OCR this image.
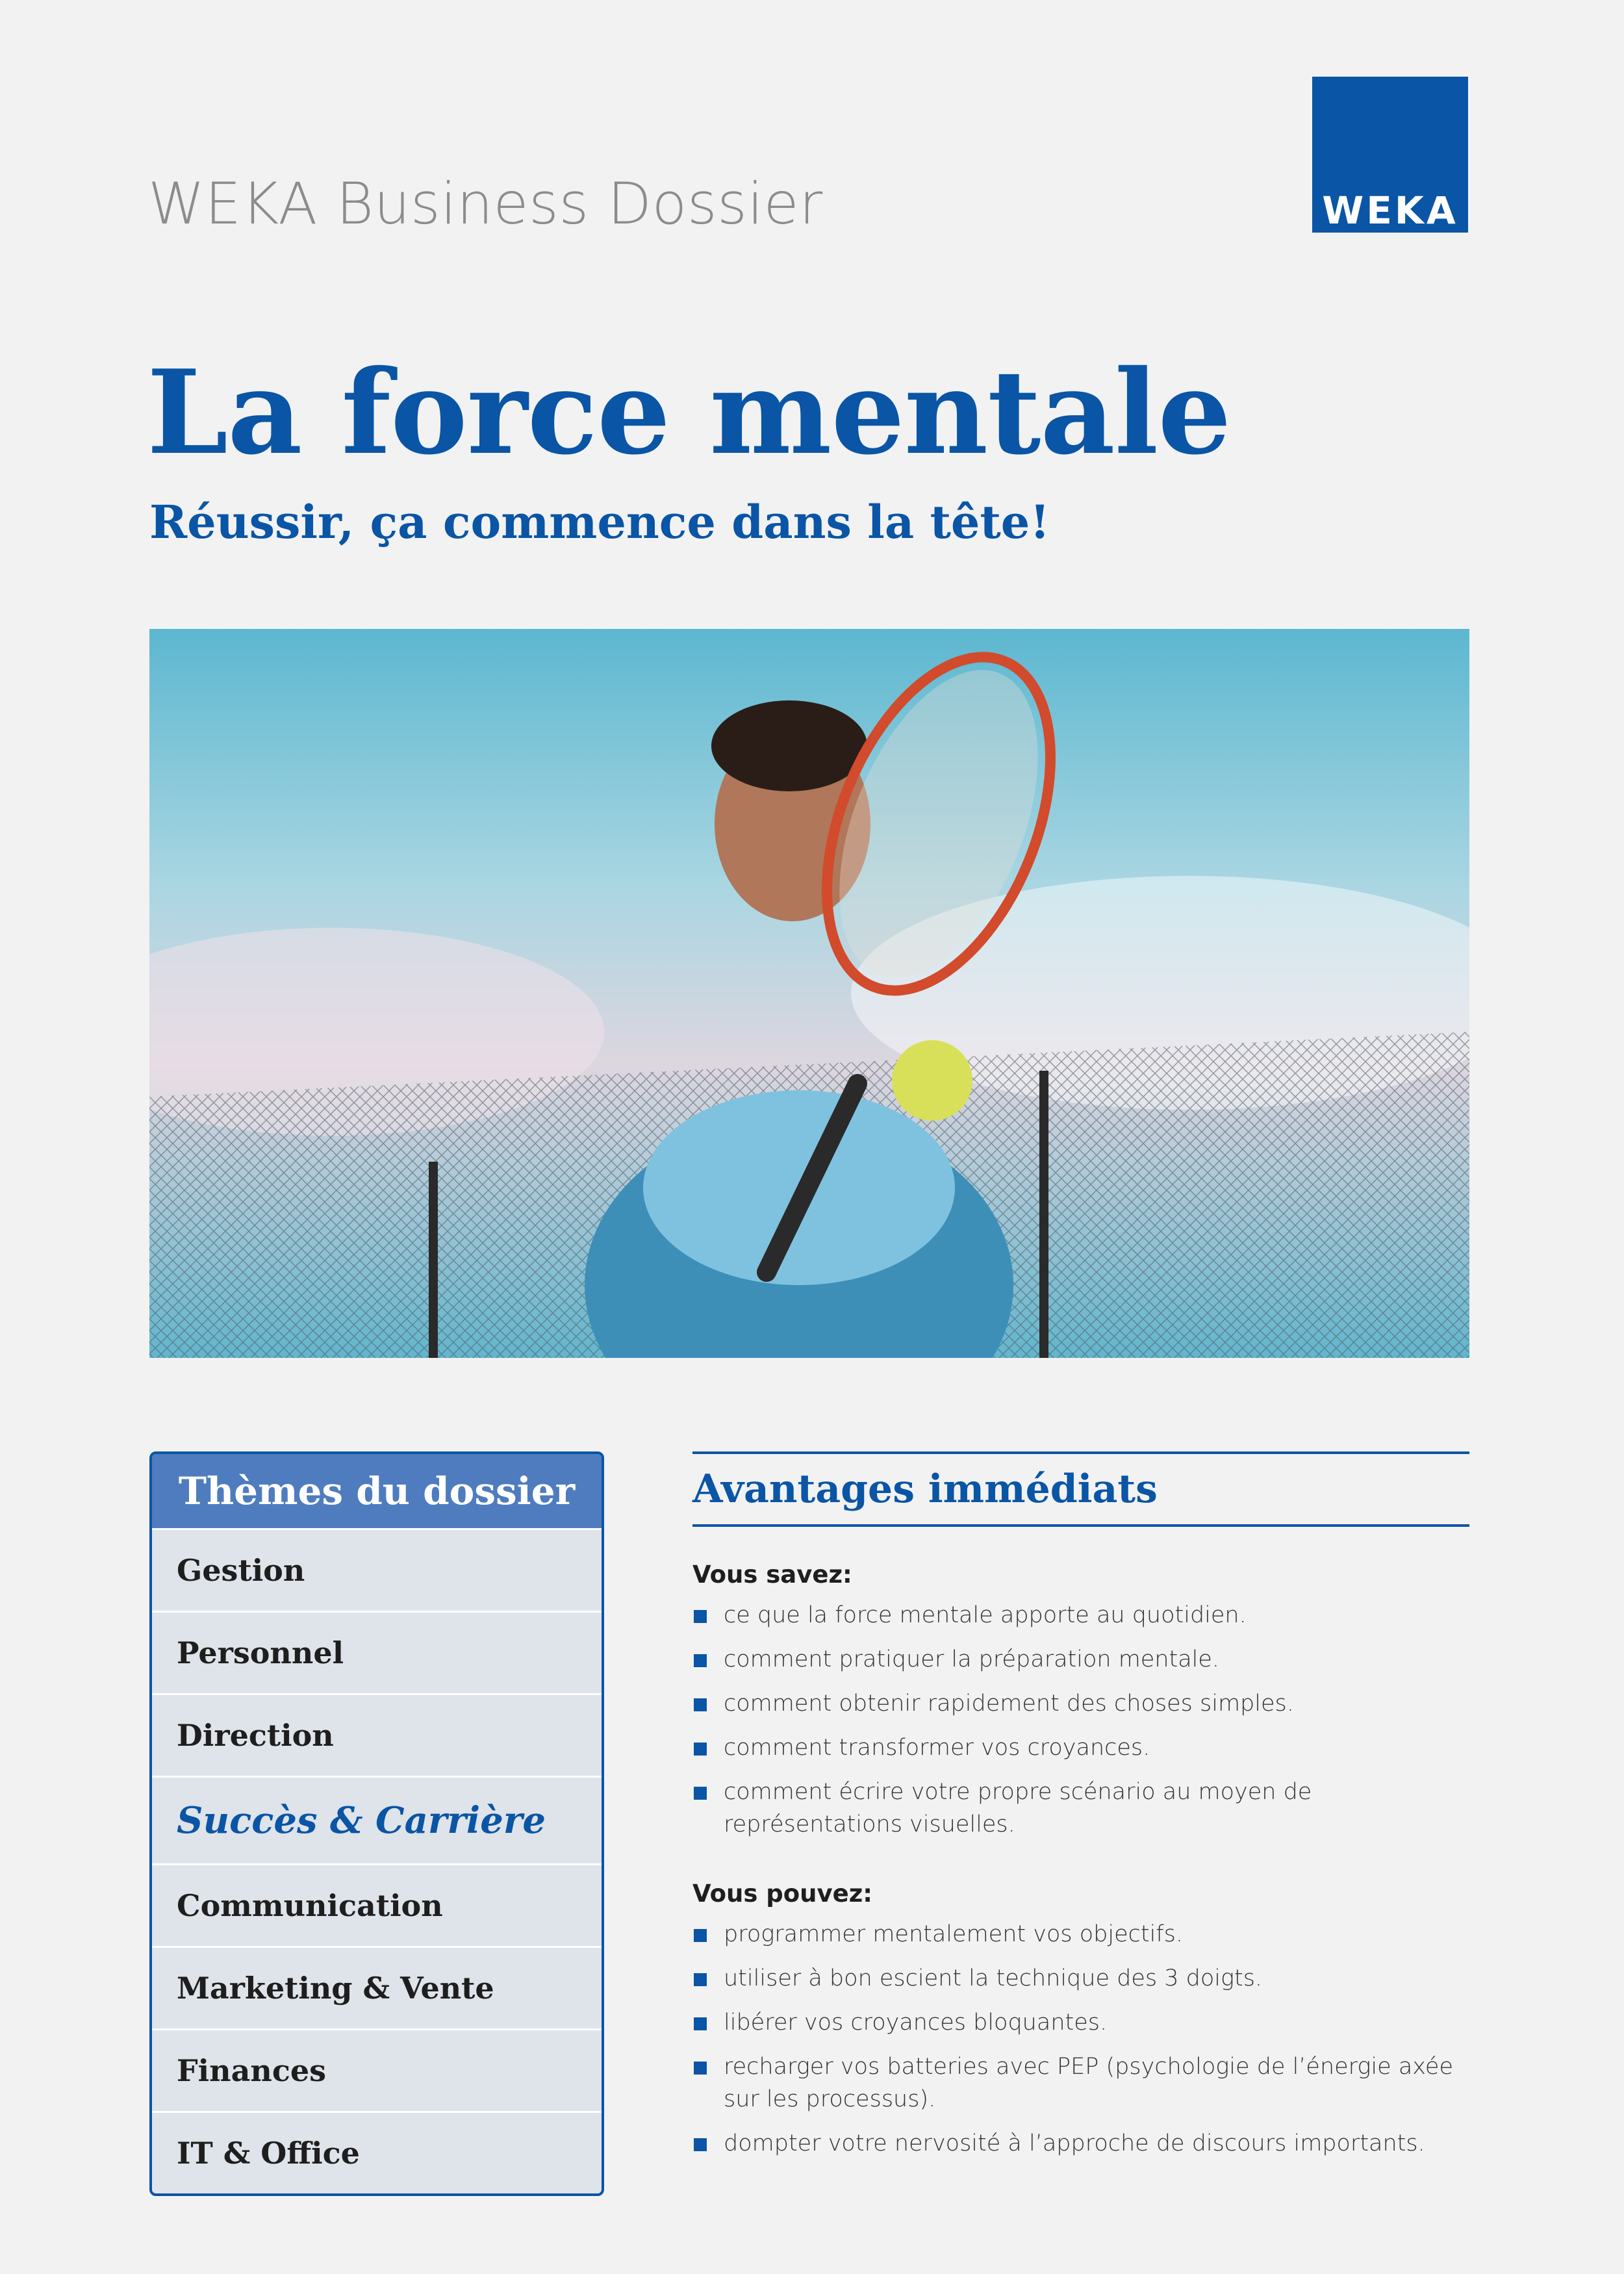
WEKA Business Dossier	WEKA
La force mentale
Réussir, ça commence dans la tête!
Thèmes du dossier
Gestion
Personnel
Direction
Succès & Carrière
Communication
Marketing & Vente
Finances
IT & Office
Avantages immédiats
Vous savez:
ce que la force mentale apporte au quotidien.
comment pratiquer la préparation mentale.
comment obtenir rapidement des choses simples.
comment transformer vos croyances.
comment écrire votre propre scénario au moyen de représentations visuelles.
Vous pouvez:
programmer mentalement vos objectifs.
utiliser à bon escient la technique des 3 doigts.
libérer vos croyances bloquantes.
recharger vos batteries avec PEP (psychologie de l’énergie axée sur les processus).
dompter votre nervosité à l’approche de discours importants.
